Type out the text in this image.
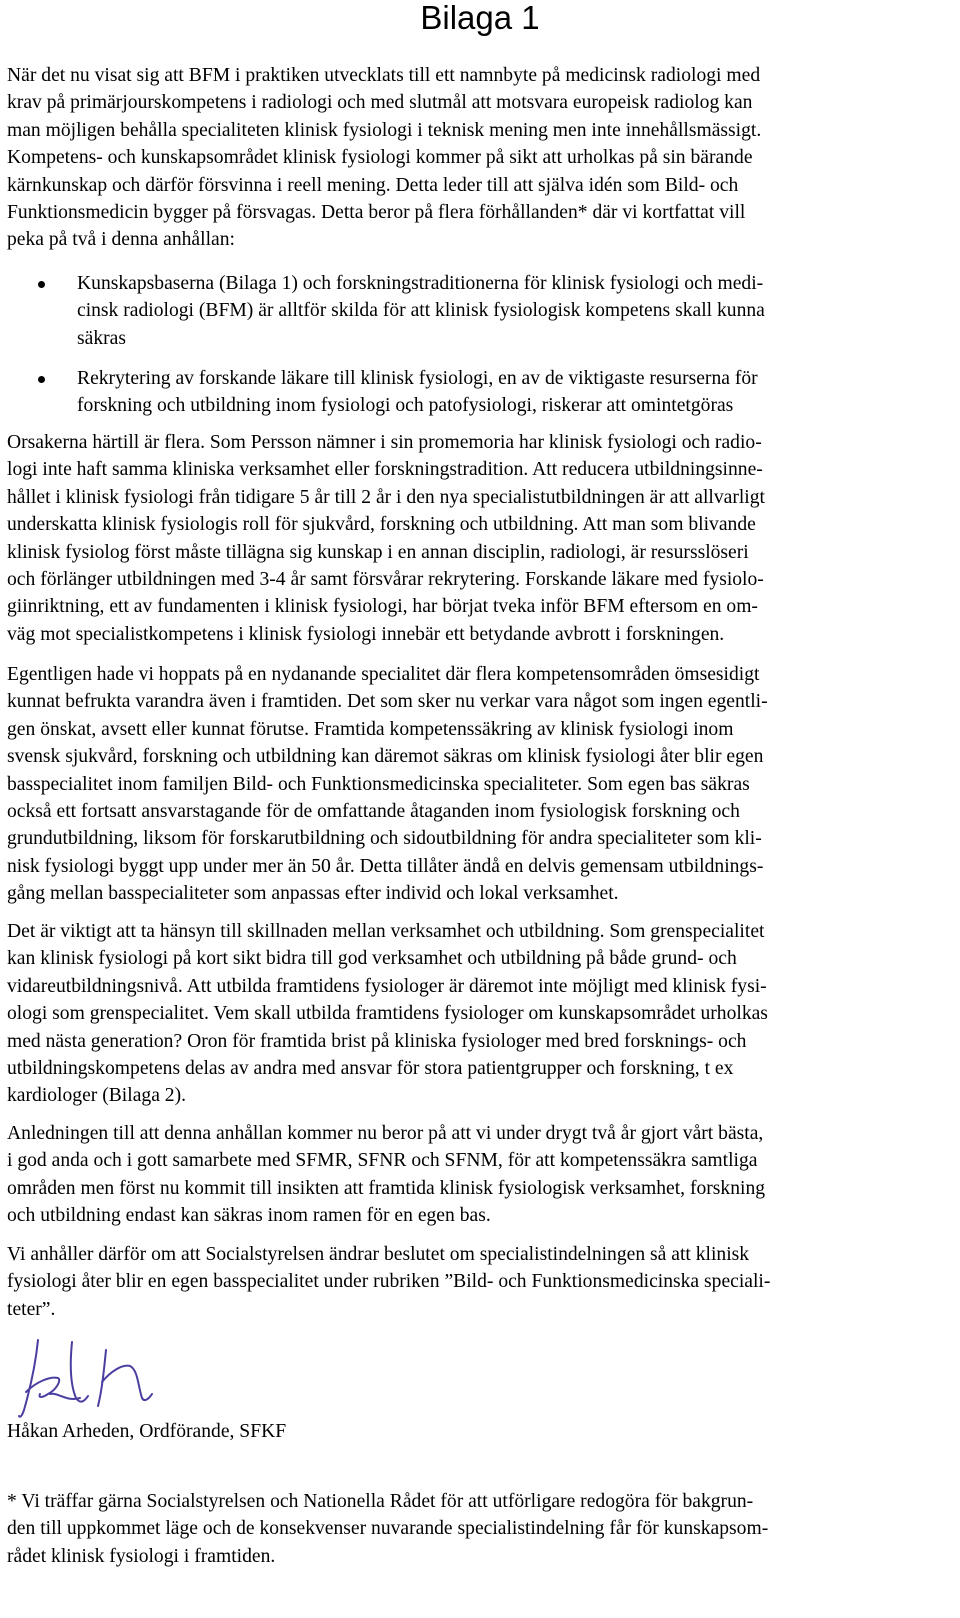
Bilaga 1
När det nu visat sig att BFM i praktiken utvecklats till ett namnbyte på medicinsk radiologi med
krav på primärjourskompetens i radiologi och med slutmål att motsvara europeisk radiolog kan
man möjligen behålla specialiteten klinisk fysiologi i teknisk mening men inte innehållsmässigt.
Kompetens- och kunskapsområdet klinisk fysiologi kommer på sikt att urholkas på sin bärande
kärnkunskap och därför försvinna i reell mening. Detta leder till att själva idén som Bild- och
Funktionsmedicin bygger på försvagas. Detta beror på flera förhållanden* där vi kortfattat vill
peka på två i denna anhållan:
Kunskapsbaserna (Bilaga 1) och forskningstraditionerna för klinisk fysiologi och medi-
cinsk radiologi (BFM) är alltför skilda för att klinisk fysiologisk kompetens skall kunna
säkras
Rekrytering av forskande läkare till klinisk fysiologi, en av de viktigaste resurserna för
forskning och utbildning inom fysiologi och patofysiologi, riskerar att omintetgöras
Orsakerna härtill är flera. Som Persson nämner i sin promemoria har klinisk fysiologi och radio-
logi inte haft samma kliniska verksamhet eller forskningstradition. Att reducera utbildningsinne-
hållet i klinisk fysiologi från tidigare 5 år till 2 år i den nya specialistutbildningen är att allvarligt
underskatta klinisk fysiologis roll för sjukvård, forskning och utbildning. Att man som blivande
klinisk fysiolog först måste tillägna sig kunskap i en annan disciplin, radiologi, är resursslöseri
och förlänger utbildningen med 3-4 år samt försvårar rekrytering. Forskande läkare med fysiolo-
giinriktning, ett av fundamenten i klinisk fysiologi, har börjat tveka inför BFM eftersom en om-
väg mot specialistkompetens i klinisk fysiologi innebär ett betydande avbrott i forskningen.
Egentligen hade vi hoppats på en nydanande specialitet där flera kompetensområden ömsesidigt
kunnat befrukta varandra även i framtiden. Det som sker nu verkar vara något som ingen egentli-
gen önskat, avsett eller kunnat förutse. Framtida kompetenssäkring av klinisk fysiologi inom
svensk sjukvård, forskning och utbildning kan däremot säkras om klinisk fysiologi åter blir egen
basspecialitet inom familjen Bild- och Funktionsmedicinska specialiteter. Som egen bas säkras
också ett fortsatt ansvarstagande för de omfattande åtaganden inom fysiologisk forskning och
grundutbildning, liksom för forskarutbildning och sidoutbildning för andra specialiteter som kli-
nisk fysiologi byggt upp under mer än 50 år. Detta tillåter ändå en delvis gemensam utbildnings-
gång mellan basspecialiteter som anpassas efter individ och lokal verksamhet.
Det är viktigt att ta hänsyn till skillnaden mellan verksamhet och utbildning. Som grenspecialitet
kan klinisk fysiologi på kort sikt bidra till god verksamhet och utbildning på både grund- och
vidareutbildningsnivå. Att utbilda framtidens fysiologer är däremot inte möjligt med klinisk fysi-
ologi som grenspecialitet. Vem skall utbilda framtidens fysiologer om kunskapsområdet urholkas
med nästa generation? Oron för framtida brist på kliniska fysiologer med bred forsknings- och
utbildningskompetens delas av andra med ansvar för stora patientgrupper och forskning, t ex
kardiologer (Bilaga 2).
Anledningen till att denna anhållan kommer nu beror på att vi under drygt två år gjort vårt bästa,
i god anda och i gott samarbete med SFMR, SFNR och SFNM, för att kompetenssäkra samtliga
områden men först nu kommit till insikten att framtida klinisk fysiologisk verksamhet, forskning
och utbildning endast kan säkras inom ramen för en egen bas.
Vi anhåller därför om att Socialstyrelsen ändrar beslutet om specialistindelningen så att klinisk
fysiologi åter blir en egen basspecialitet under rubriken ”Bild- och Funktionsmedicinska speciali-
teter”.
Håkan Arheden, Ordförande, SFKF
* Vi träffar gärna Socialstyrelsen och Nationella Rådet för att utförligare redogöra för bakgrun-
den till uppkommet läge och de konsekvenser nuvarande specialistindelning får för kunskapsom-
rådet klinisk fysiologi i framtiden.
